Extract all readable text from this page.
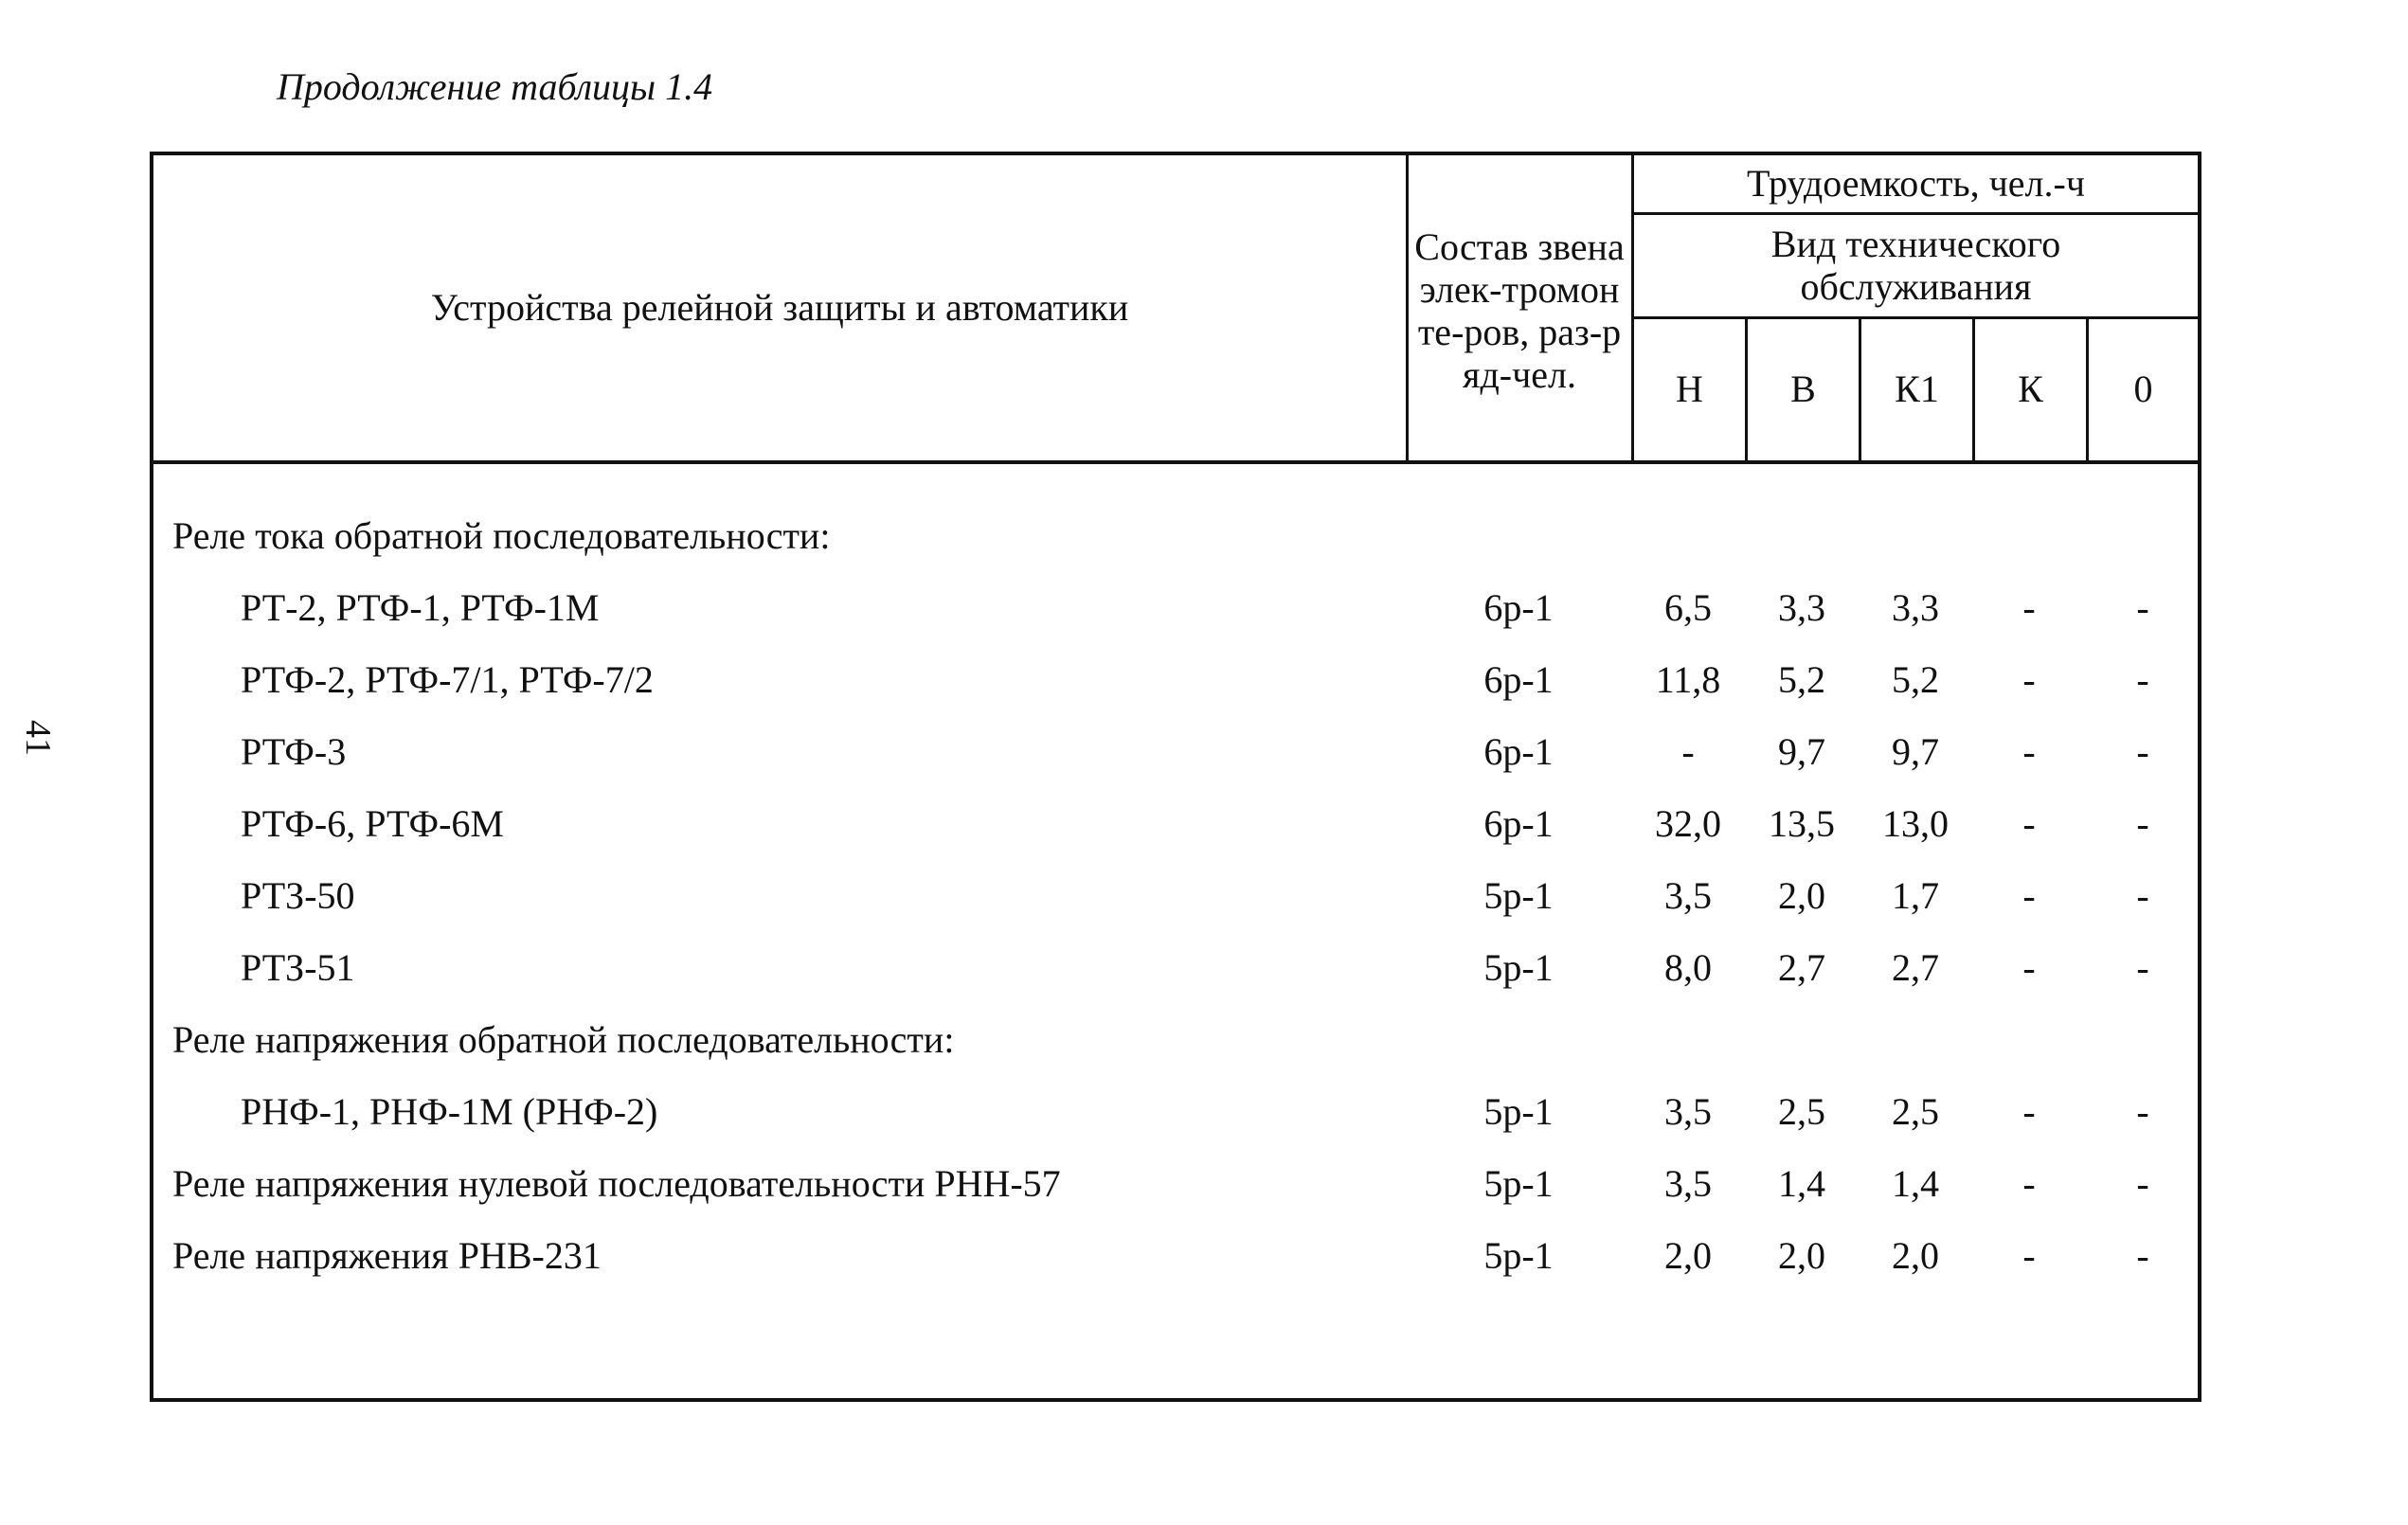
Продолжение таблицы 1.4
41
Устройства релейной защиты и автоматики
Состав звена элек-тромонте-ров, раз-ряд-чел.
Трудоемкость, чел.-ч
Вид технического обслуживания
Н	В	К1	К	0
Реле тока обратной последовательности:
РТ-2, РТФ-1, РТФ-1М	6р-1	6,5	3,3	3,3	-	-
РТФ-2, РТФ-7/1, РТФ-7/2	6р-1	11,8	5,2	5,2	-	-
РТФ-3	6р-1	-	9,7	9,7	-	-
РТФ-6, РТФ-6М	6р-1	32,0	13,5	13,0	-	-
РТЗ-50	5р-1	3,5	2,0	1,7	-	-
РТЗ-51	5р-1	8,0	2,7	2,7	-	-
Реле напряжения обратной последовательности:
РНФ-1, РНФ-1М (РНФ-2)	5р-1	3,5	2,5	2,5	-	-
Реле напряжения нулевой последовательности РНН-57	5р-1	3,5	1,4	1,4	-	-
Реле напряжения РНВ-231	5р-1	2,0	2,0	2,0	-	-
